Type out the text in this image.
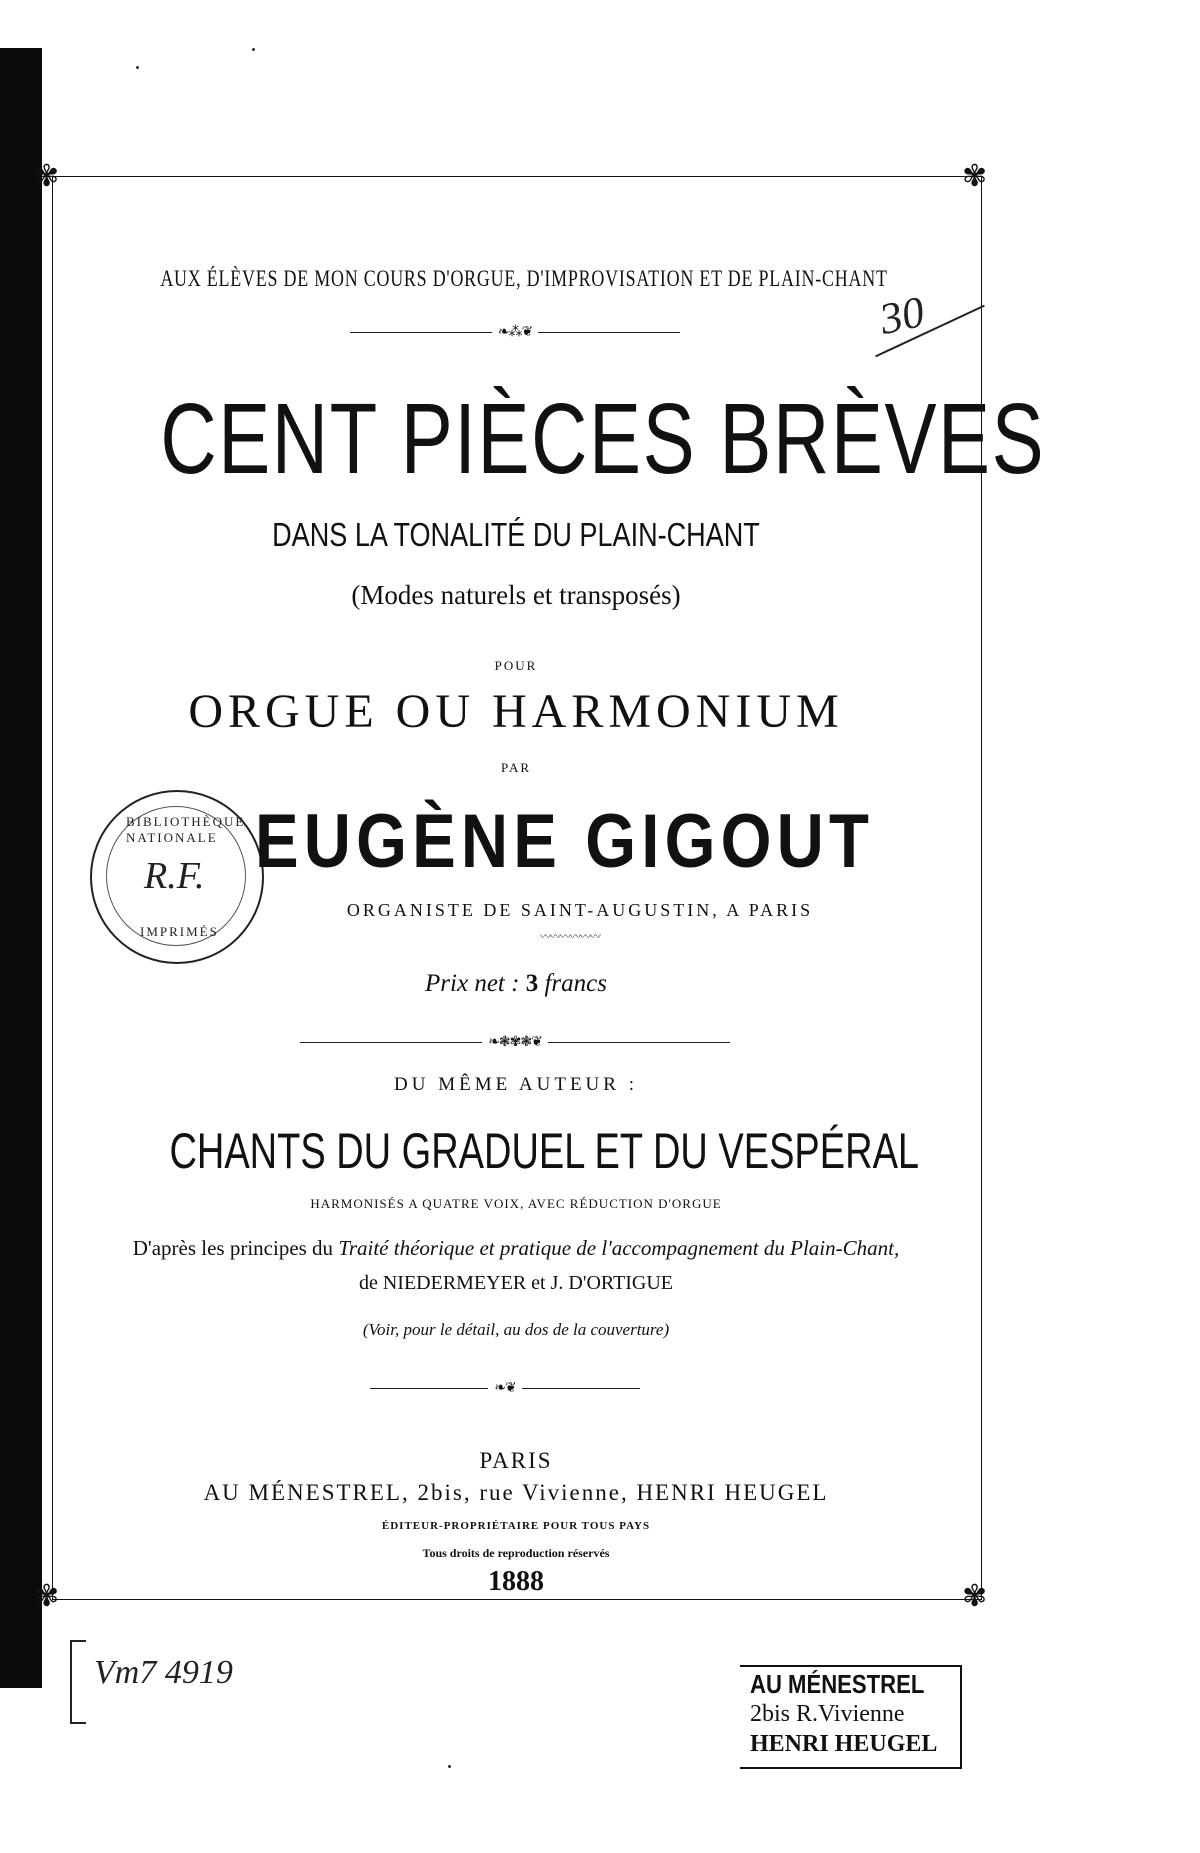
✾	✾
✾	✾
30
AUX ÉLÈVES DE MON COURS D'ORGUE, D'IMPROVISATION ET DE PLAIN-CHANT
❧⁂❦
CENT PIÈCES BRÈVES
DANS LA TONALITÉ DU PLAIN-CHANT
(Modes naturels et transposés)
POUR
ORGUE OU HARMONIUM
PAR
BIBLIOTHÈQUE NATIONALE
R.F.
IMPRIMÉS
EUGÈNE GIGOUT
ORGANISTE DE SAINT-AUGUSTIN, A PARIS
〰〰〰〰〰〰
Prix net : 3 francs
❧❃✾❃❦
DU MÊME AUTEUR :
CHANTS DU GRADUEL ET DU VESPÉRAL
HARMONISÉS A QUATRE VOIX, AVEC RÉDUCTION D'ORGUE
D'après les principes du Traité théorique et pratique de l'accompagnement du Plain-Chant,
de NIEDERMEYER et J. D'ORTIGUE
(Voir, pour le détail, au dos de la couverture)
❧❦
PARIS
AU MÉNESTREL, 2bis, rue Vivienne, HENRI HEUGEL
ÉDITEUR-PROPRIÉTAIRE POUR TOUS PAYS
Tous droits de reproduction réservés
1888
Vm7 4919	AU MÉNESTREL
2bis R.Vivienne
HENRI HEUGEL
